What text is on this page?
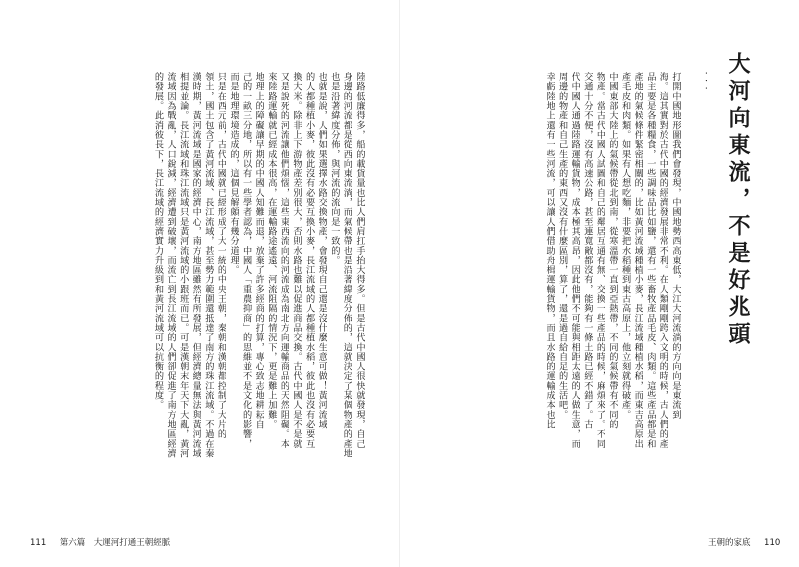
大河向東流，不是好兆頭
．．．
打開中國地形圖我們會發現，中國地勢西高東低，大江大河流淌的方向向是東流到
海。這其實對於古代中國的經濟發展非常不利。在人類剛剛跨入文明的時候，古人們的產
品主要是各種糧食，一些調味品比如鹽，還有一些畜牧產品毛皮、肉類。這些產品都是和
產地的氣候條件緊密相關的，比如黃河流域種植小麥，長江流域種植水稻，而東吉高原出
產毛皮和肉類。如果有人想吃麵，非要把水稻種到東古高原上，他立刻就得破產。
中國東部大陸上的氣候帶從北到南，從寒溫帶一直到亞熱帶，不同的氣候帶有不同的
物產。當古代中國人試圖和自己的鄰居互通有無、交換一些產品的時候，麻煩來了。不同
交通十分不便，沒有高速公路，甚至連寬敞都沒有，能夠有一條土路已經不錯了。古
代中國人通過陸路運輸貨物，成本極其高昂，因此他們不可能與相距太遠的人做生意，而
周邊的物產和自己生產的東西又沒有什麼區別，算了，還是過自給自足的生活吧。
幸虧陸地上還有一些河流，可以讓人們借助舟楫運輸貨物，而且水路的運輸成本也比
王朝的家底 110
陸路低廉得多，船的載貨量也比人們肩扛手抬大得多。但是古代中國人很快就發現，自己
身邊的河流都是從西向東流淌，而氣候帶也是沿著緯度分佈的，這就決定了某個物產的產地
也是沿著緯度分佈，與河流的流向是一致的。
也就是說，人們如果選擇水路交換物產，會發現自己還是沒什麼生意可做！黃河流域
的人都種植小麥，彼此沒有必要互換小麥，長江流域的人都種植水稻，彼此也沒有必要互
換大米。除非上下游物產差別很大，否則水路也難以促進商品交換。古代中國人是不是就
又是說死的河流讓他們煩惱，這些東西流向的河流成為南北方向運輸商品的天然阻礙。本
來陸路運輸就已經成本很高，在運輸路途遙遠、河流阻隔的情況下，更是難上加難。
地理上的障礙讓早期的中國人知難而退，放棄了許多經商的打算，專心致志地耕耘自
己的一畝三分地，所以有一些學者認為，中國人「重農抑商」的思維並不是文化的影響，
而是地理環境造成的，這個見解頗有幾分道理。
只是在西元前，古代中國就已經形成了大一統的中央王朝，秦朝和漢朝都控制了大片的
領土，國土包含了黃河流域、長江流域，甚至勢力範圍還抵達了南方的珠江流域。不過在秦
漢時期，黃河流域是國家的經濟中心，南方地區雖然有所發展，但經濟總量無法與黃河流域
相提並論。長江流域和珠江流域只是黃河流域的小跟班而已。可是漢朝末年天下大亂，黃河
流域因為戰亂，人口銳減，經濟遭到破壞，而流亡到長江流域的人們卻促進了南方地區經濟
的發展。此消彼長下，長江流域的經濟實力升級到和黃河流域可以抗衡的程度。
111 第六篇　大運河打通王朝經脈
